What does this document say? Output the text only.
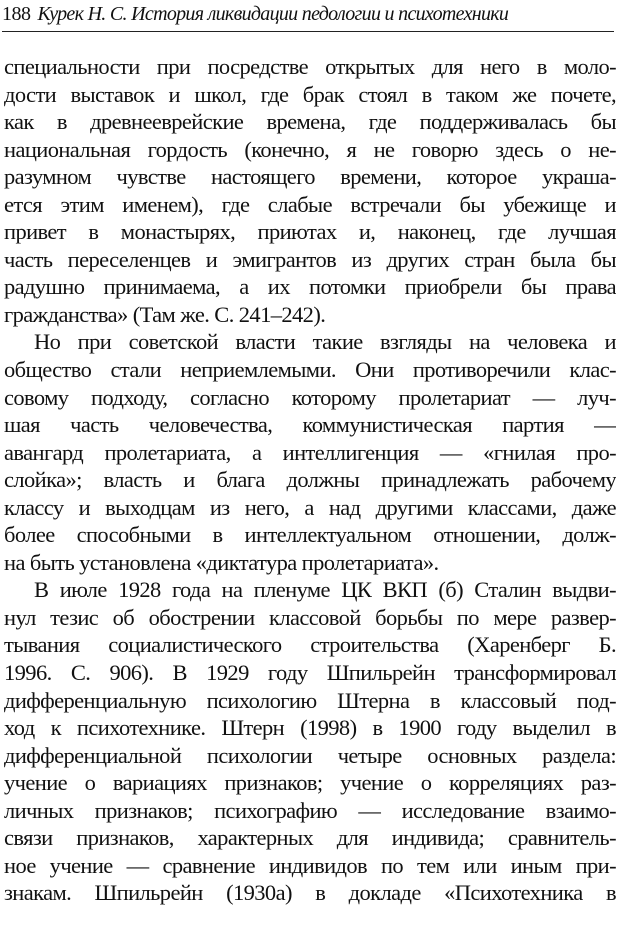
188 Курек Н. С. История ликвидации педологии и психотехники
специальности при посредстве открытых для него в моло-
дости выставок и школ, где брак стоял в таком же почете,
как в древнееврейские времена, где поддерживалась бы
национальная гордость (конечно, я не говорю здесь о не-
разумном чувстве настоящего времени, которое украша-
ется этим именем), где слабые встречали бы убежище и
привет в монастырях, приютах и, наконец, где лучшая
часть переселенцев и эмигрантов из других стран была бы
радушно принимаема, а их потомки приобрели бы права
гражданства» (Там же. С. 241–242).
Но при советской власти такие взгляды на человека и
общество стали неприемлемыми. Они противоречили клас-
совому подходу, согласно которому пролетариат — луч-
шая часть человечества, коммунистическая партия —
авангард пролетариата, а интеллигенция — «гнилая про-
слойка»; власть и блага должны принадлежать рабочему
классу и выходцам из него, а над другими классами, даже
более способными в интеллектуальном отношении, долж-
на быть установлена «диктатура пролетариата».
В июле 1928 года на пленуме ЦК ВКП (б) Сталин выдви-
нул тезис об обострении классовой борьбы по мере развер-
тывания социалистического строительства (Харенберг Б.
1996. С. 906). В 1929 году Шпильрейн трансформировал
дифференциальную психологию Штерна в классовый под-
ход к психотехнике. Штерн (1998) в 1900 году выделил в
дифференциальной психологии четыре основных раздела:
учение о вариациях признаков; учение о корреляциях раз-
личных признаков; психографию — исследование взаимо-
связи признаков, характерных для индивида; сравнитель-
ное учение — сравнение индивидов по тем или иным при-
знакам. Шпильрейн (1930а) в докладе «Психотехника в
